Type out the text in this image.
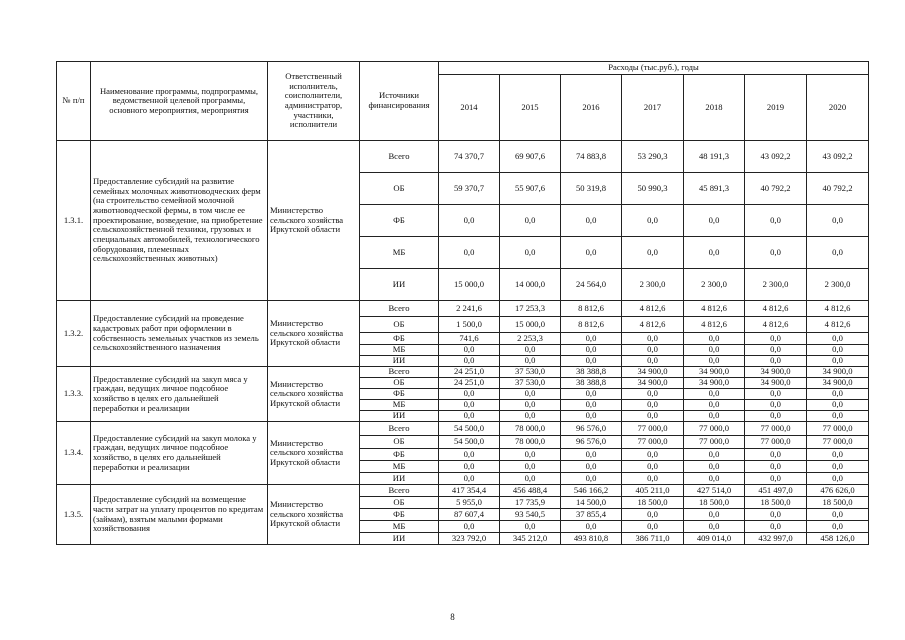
№ п/п	Наименование программы, подпрограммы, ведомственной целевой программы, основного мероприятия, мероприятия	Ответственный исполнитель, соисполнители, администратор, участники, исполнители	Источники финансирования	Расходы (тыс.руб.), годы						
				2014	2015	2016	2017	2018	2019	2020
1.3.1.	Предоставление субсидий на развитие семейных молочных животноводческих ферм (на строительство семейной молочной животноводческой фермы, в том числе ее проектирование, возведение, на приобретение сельскохозяйственной техники, грузовых и специальных автомобилей, технологического оборудования, племенных сельскохозяйственных животных)	Министерство сельского хозяйства Иркутской области	Всего	74 370,7	69 907,6	74 883,8	53 290,3	48 191,3	43 092,2	43 092,2
			ОБ	59 370,7	55 907,6	50 319,8	50 990,3	45 891,3	40 792,2	40 792,2
			ФБ	0,0	0,0	0,0	0,0	0,0	0,0	0,0
			МБ	0,0	0,0	0,0	0,0	0,0	0,0	0,0
			ИИ	15 000,0	14 000,0	24 564,0	2 300,0	2 300,0	2 300,0	2 300,0
1.3.2.	Предоставление субсидий на проведение кадастровых работ при оформлении в собственность земельных участков из земель сельскохозяйственного назначения	Министерство сельского хозяйства Иркутской области	Всего	2 241,6	17 253,3	8 812,6	4 812,6	4 812,6	4 812,6	4 812,6
			ОБ	1 500,0	15 000,0	8 812,6	4 812,6	4 812,6	4 812,6	4 812,6
			ФБ	741,6	2 253,3	0,0	0,0	0,0	0,0	0,0
			МБ	0,0	0,0	0,0	0,0	0,0	0,0	0,0
			ИИ	0,0	0,0	0,0	0,0	0,0	0,0	0,0
1.3.3.	Предоставление субсидий на закуп мяса у граждан, ведущих личное подсобное хозяйство в целях его дальнейшей переработки и реализации	Министерство сельского хозяйства Иркутской области	Всего	24 251,0	37 530,0	38 388,8	34 900,0	34 900,0	34 900,0	34 900,0
			ОБ	24 251,0	37 530,0	38 388,8	34 900,0	34 900,0	34 900,0	34 900,0
			ФБ	0,0	0,0	0,0	0,0	0,0	0,0	0,0
			МБ	0,0	0,0	0,0	0,0	0,0	0,0	0,0
			ИИ	0,0	0,0	0,0	0,0	0,0	0,0	0,0
1.3.4.	Предоставление субсидий на закуп молока у граждан, ведущих личное подсобное хозяйство, в целях его дальнейшей переработки и реализации	Министерство сельского хозяйства Иркутской области	Всего	54 500,0	78 000,0	96 576,0	77 000,0	77 000,0	77 000,0	77 000,0
			ОБ	54 500,0	78 000,0	96 576,0	77 000,0	77 000,0	77 000,0	77 000,0
			ФБ	0,0	0,0	0,0	0,0	0,0	0,0	0,0
			МБ	0,0	0,0	0,0	0,0	0,0	0,0	0,0
			ИИ	0,0	0,0	0,0	0,0	0,0	0,0	0,0
1.3.5.	Предоставление субсидий на возмещение части затрат на уплату процентов по кредитам (займам), взятым малыми формами хозяйствования	Министерство сельского хозяйства Иркутской области	Всего	417 354,4	456 488,4	546 166,2	405 211,0	427 514,0	451 497,0	476 626,0
			ОБ	5 955,0	17 735,9	14 500,0	18 500,0	18 500,0	18 500,0	18 500,0
			ФБ	87 607,4	93 540,5	37 855,4	0,0	0,0	0,0	0,0
			МБ	0,0	0,0	0,0	0,0	0,0	0,0	0,0
			ИИ	323 792,0	345 212,0	493 810,8	386 711,0	409 014,0	432 997,0	458 126,0
8
